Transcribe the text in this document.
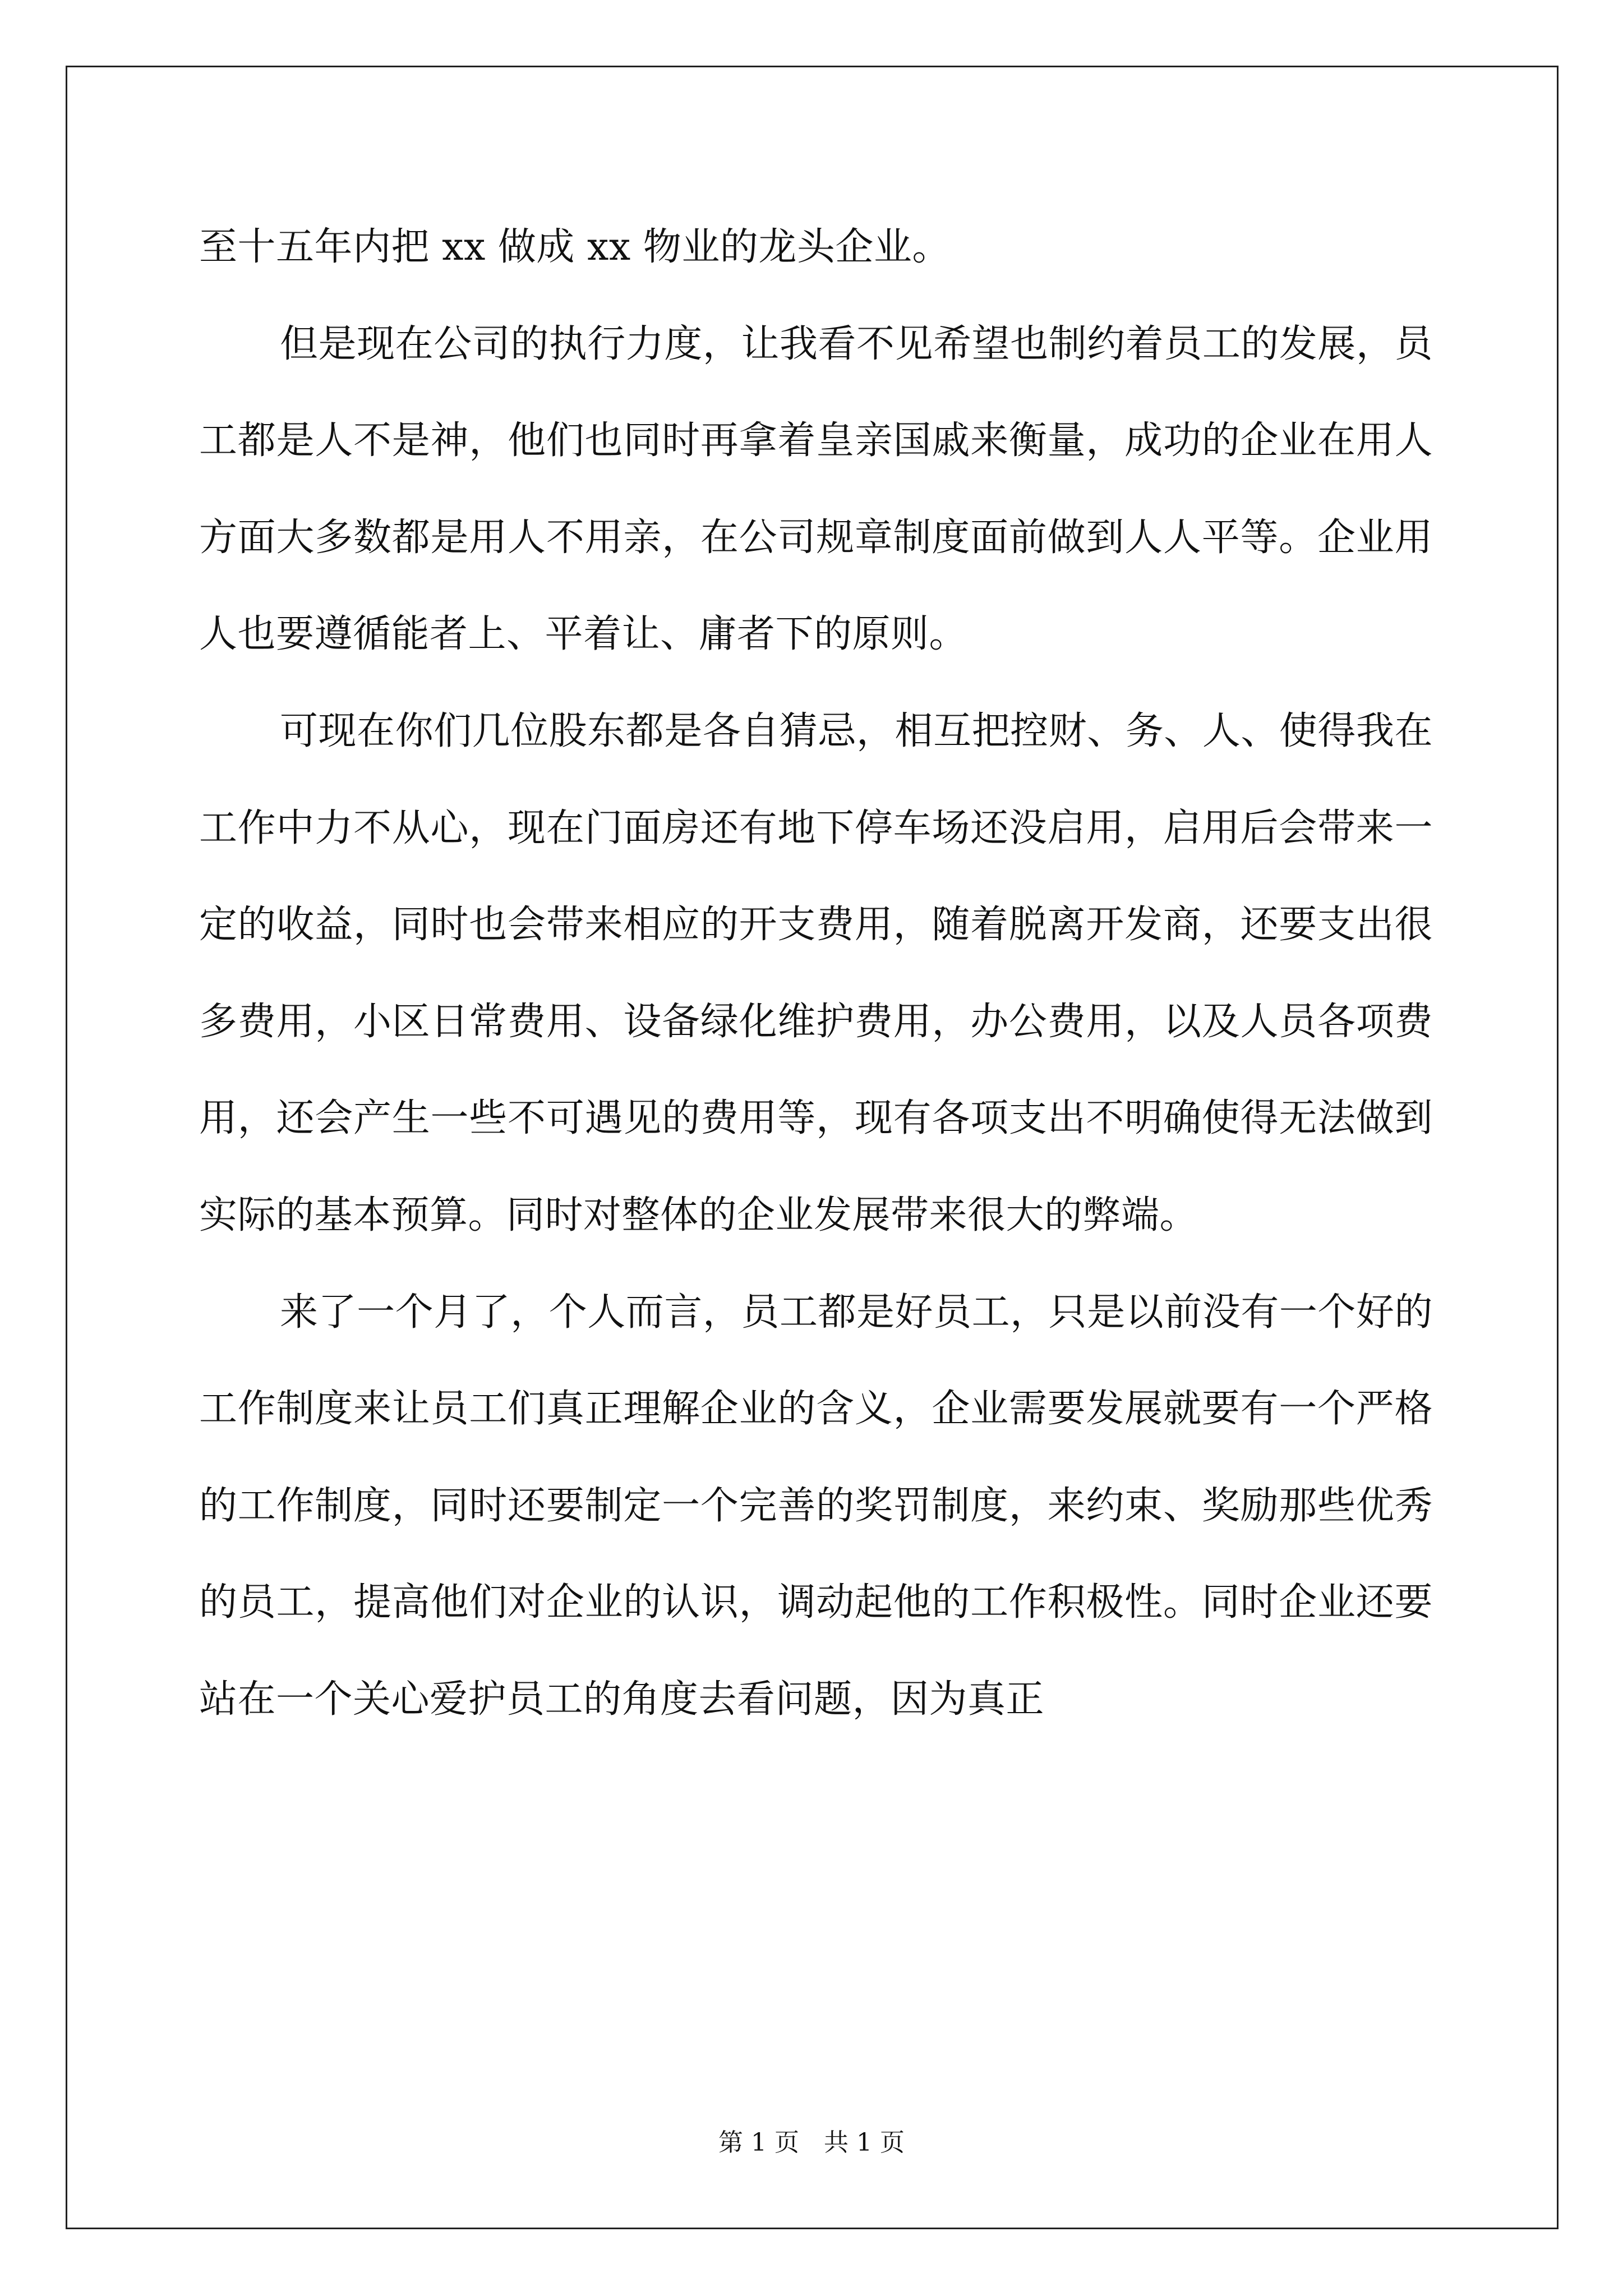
至十五年内把 xx 做成 xx 物业的龙头企业。

但是现在公司的执行力度，让我看不见希望也制约着员工的发展，员工都是人不是神，他们也同时再拿着皇亲国戚来衡量，成功的企业在用人方面大多数都是用人不用亲，在公司规章制度面前做到人人平等。企业用人也要遵循能者上、平着让、庸者下的原则。

可现在你们几位股东都是各自猜忌，相互把控财、务、人、使得我在工作中力不从心，现在门面房还有地下停车场还没启用，启用后会带来一定的收益，同时也会带来相应的开支费用，随着脱离开发商，还要支出很多费用，小区日常费用、设备绿化维护费用，办公费用，以及人员各项费用，还会产生一些不可遇见的费用等，现有各项支出不明确使得无法做到实际的基本预算。同时对整体的企业发展带来很大的弊端。

来了一个月了，个人而言，员工都是好员工，只是以前没有一个好的工作制度来让员工们真正理解企业的含义，企业需要发展就要有一个严格的工作制度，同时还要制定一个完善的奖罚制度，来约束、奖励那些优秀的员工，提高他们对企业的认识，调动起他的工作积极性。同时企业还要站在一个关心爱护员工的角度去看问题，因为真正

第 1 页　共 1 页
